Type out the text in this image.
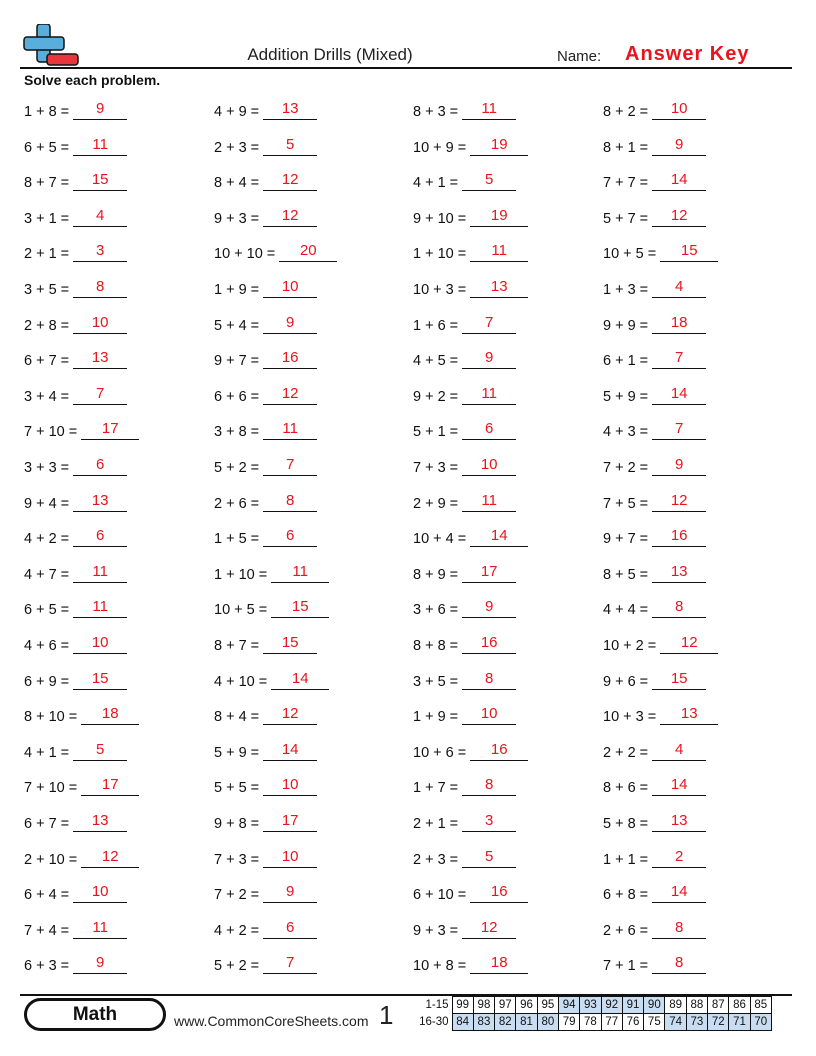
Addition Drills (Mixed)	Name: Answer Key
Solve each problem.
1 + 8 = 9
6 + 5 = 11
8 + 7 = 15
3 + 1 = 4
2 + 1 = 3
3 + 5 = 8
2 + 8 = 10
6 + 7 = 13
3 + 4 = 7
7 + 10 = 17
3 + 3 = 6
9 + 4 = 13
4 + 2 = 6
4 + 7 = 11
6 + 5 = 11
4 + 6 = 10
6 + 9 = 15
8 + 10 = 18
4 + 1 = 5
7 + 10 = 17
6 + 7 = 13
2 + 10 = 12
6 + 4 = 10
7 + 4 = 11
6 + 3 = 9
4 + 9 = 13
2 + 3 = 5
8 + 4 = 12
9 + 3 = 12
10 + 10 = 20
1 + 9 = 10
5 + 4 = 9
9 + 7 = 16
6 + 6 = 12
3 + 8 = 11
5 + 2 = 7
2 + 6 = 8
1 + 5 = 6
1 + 10 = 11
10 + 5 = 15
8 + 7 = 15
4 + 10 = 14
8 + 4 = 12
5 + 9 = 14
5 + 5 = 10
9 + 8 = 17
7 + 3 = 10
7 + 2 = 9
4 + 2 = 6
5 + 2 = 7
8 + 3 = 11
10 + 9 = 19
4 + 1 = 5
9 + 10 = 19
1 + 10 = 11
10 + 3 = 13
1 + 6 = 7
4 + 5 = 9
9 + 2 = 11
5 + 1 = 6
7 + 3 = 10
2 + 9 = 11
10 + 4 = 14
8 + 9 = 17
3 + 6 = 9
8 + 8 = 16
3 + 5 = 8
1 + 9 = 10
10 + 6 = 16
1 + 7 = 8
2 + 1 = 3
2 + 3 = 5
6 + 10 = 16
9 + 3 = 12
10 + 8 = 18
8 + 2 = 10
8 + 1 = 9
7 + 7 = 14
5 + 7 = 12
10 + 5 = 15
1 + 3 = 4
9 + 9 = 18
6 + 1 = 7
5 + 9 = 14
4 + 3 = 7
7 + 2 = 9
7 + 5 = 12
9 + 7 = 16
8 + 5 = 13
4 + 4 = 8
10 + 2 = 12
9 + 6 = 15
10 + 3 = 13
2 + 2 = 4
8 + 6 = 14
5 + 8 = 13
1 + 1 = 2
6 + 8 = 14
2 + 6 = 8
7 + 1 = 8
Math	www.CommonCoreSheets.com 1	1-15	99	98	97	96	95	94	93	92	91	90	89	88	87	86	85
16-30	84	83	82	81	80	79	78	77	76	75	74	73	72	71	70
